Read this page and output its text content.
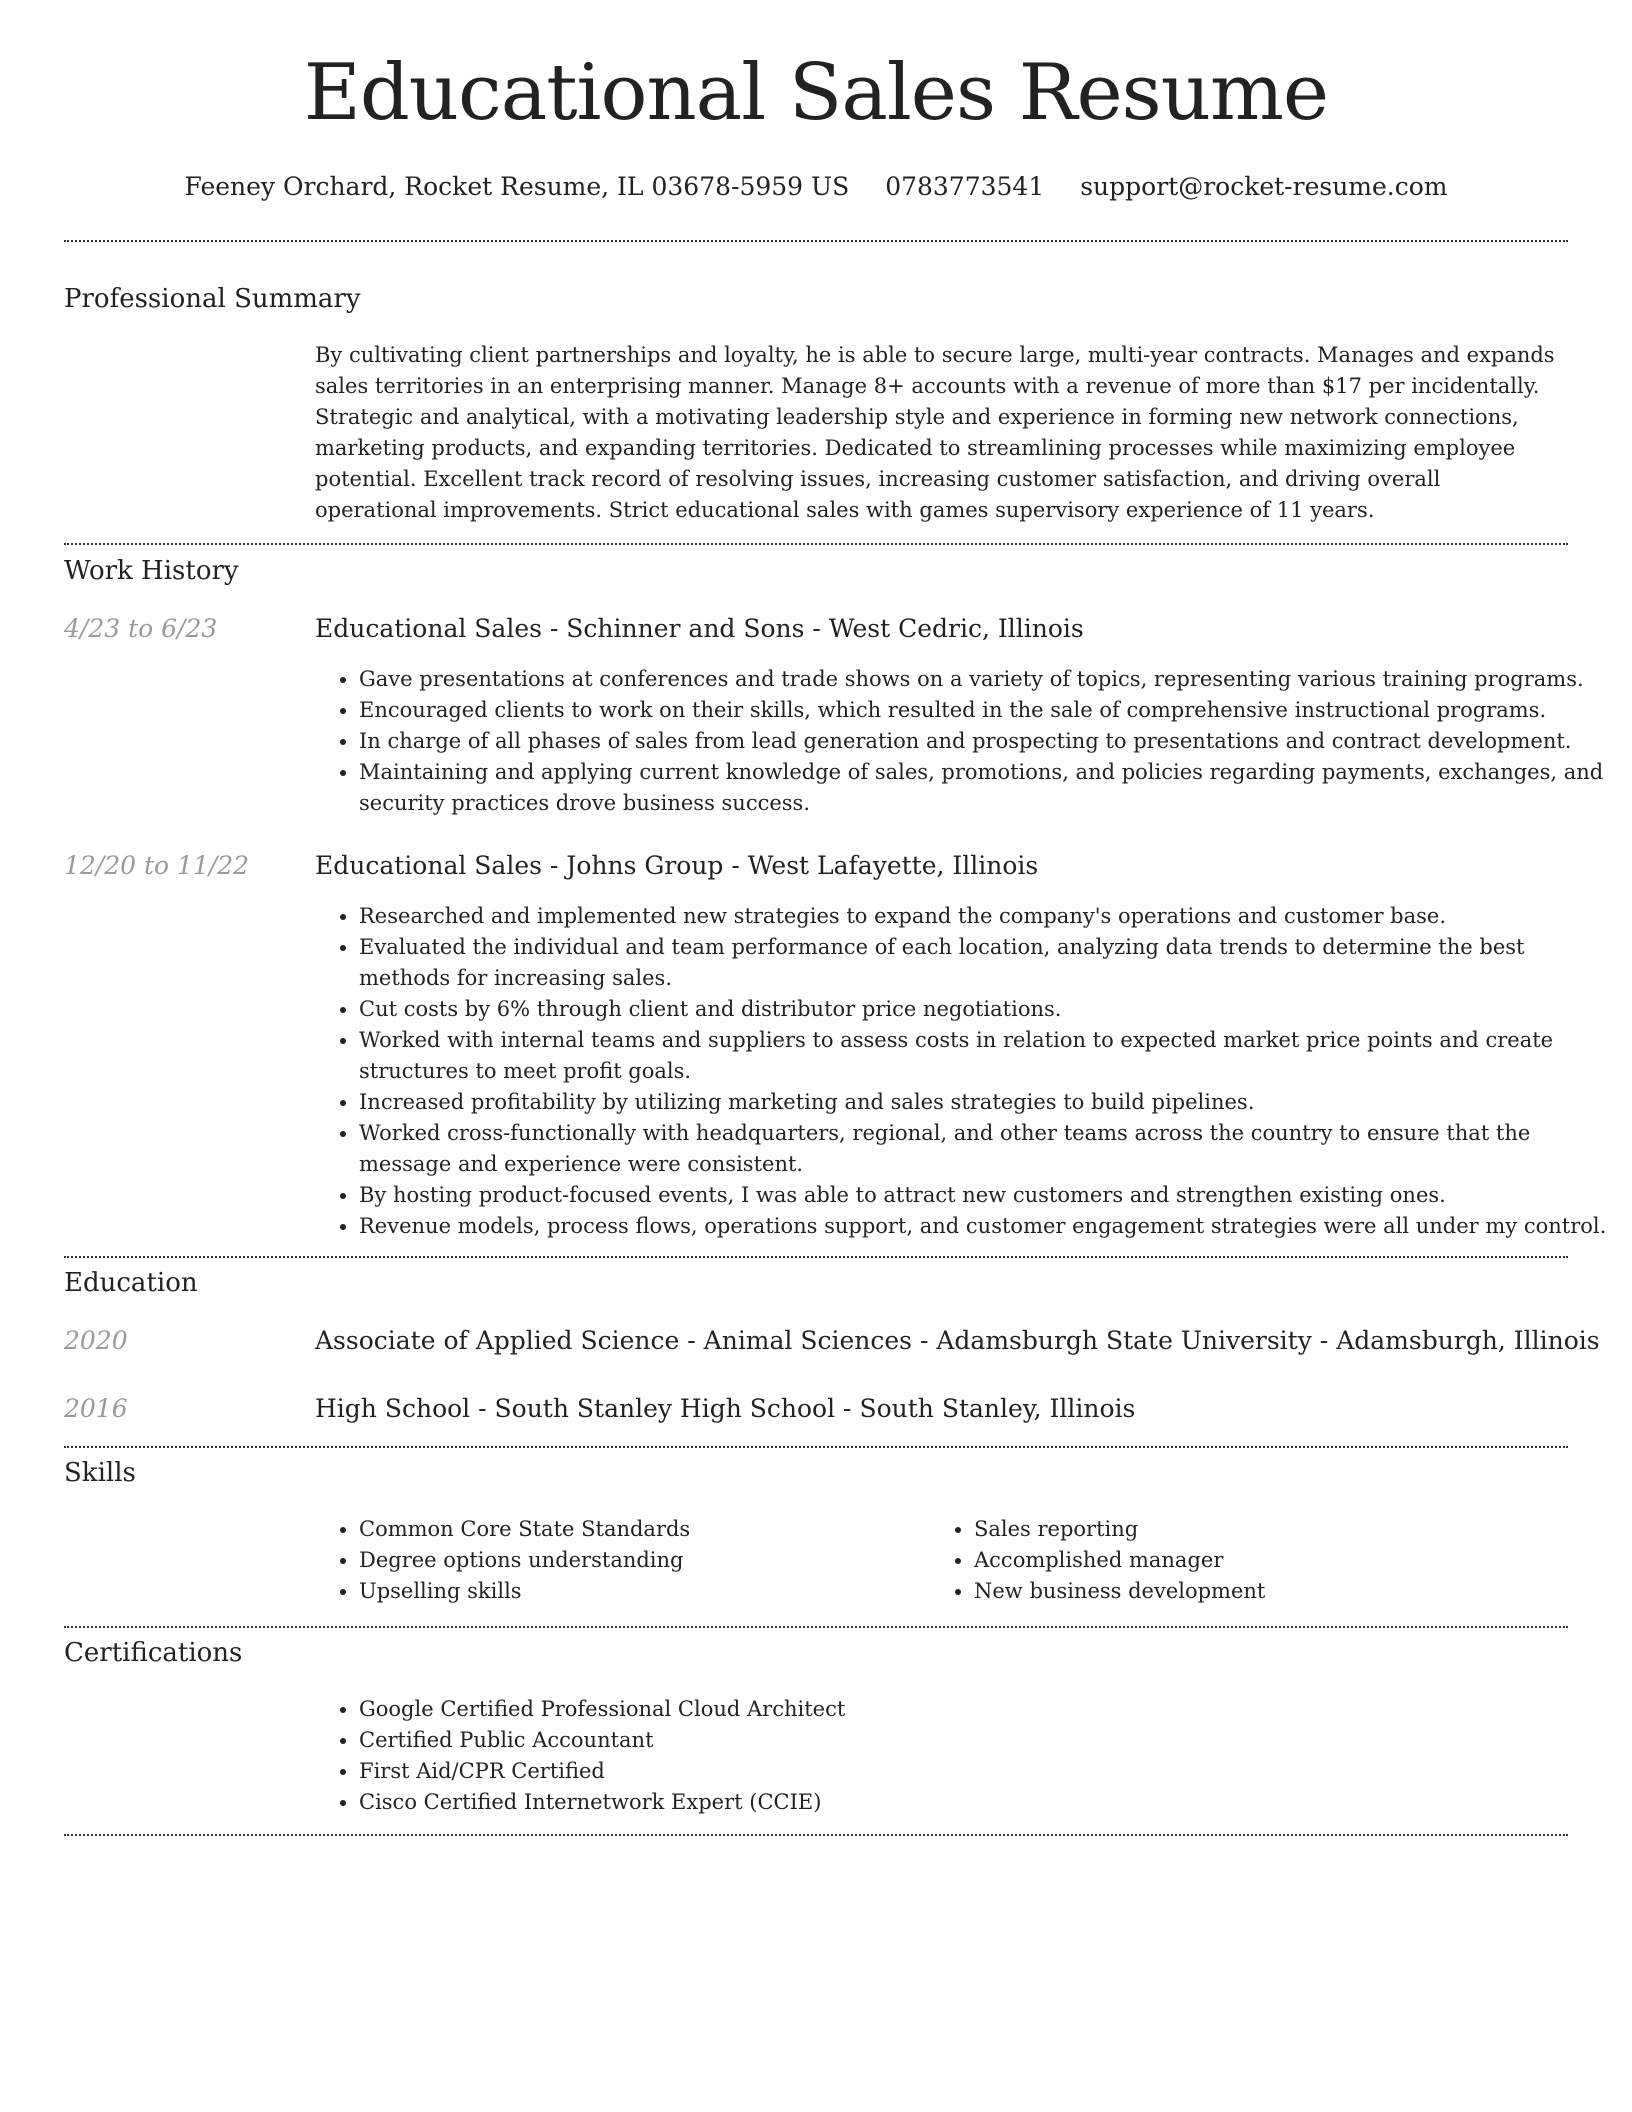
Educational Sales Resume
Feeney Orchard, Rocket Resume, IL 03678-5959 US 0783773541 support@rocket-resume.com
Professional Summary

By cultivating client partnerships and loyalty, he is able to secure large, multi-year contracts. Manages and expands sales territories in an enterprising manner. Manage 8+ accounts with a revenue of more than $17 per incidentally. Strategic and analytical, with a motivating leadership style and experience in forming new network connections, marketing products, and expanding territories. Dedicated to streamlining processes while maximizing employee potential. Excellent track record of resolving issues, increasing customer satisfaction, and driving overall operational improvements. Strict educational sales with games supervisory experience of 11 years.

Work History
4/23 to 6/23	Educational Sales - Schinner and Sons - West Cedric, Illinois
• Gave presentations at conferences and trade shows on a variety of topics, representing various training programs.
• Encouraged clients to work on their skills, which resulted in the sale of comprehensive instructional programs.
• In charge of all phases of sales from lead generation and prospecting to presentations and contract development.
• Maintaining and applying current knowledge of sales, promotions, and policies regarding payments, exchanges, and security practices drove business success.
12/20 to 11/22	Educational Sales - Johns Group - West Lafayette, Illinois
• Researched and implemented new strategies to expand the company's operations and customer base.
• Evaluated the individual and team performance of each location, analyzing data trends to determine the best methods for increasing sales.
• Cut costs by 6% through client and distributor price negotiations.
• Worked with internal teams and suppliers to assess costs in relation to expected market price points and create structures to meet profit goals.
• Increased profitability by utilizing marketing and sales strategies to build pipelines.
• Worked cross-functionally with headquarters, regional, and other teams across the country to ensure that the message and experience were consistent.
• By hosting product-focused events, I was able to attract new customers and strengthen existing ones.
• Revenue models, process flows, operations support, and customer engagement strategies were all under my control.
Education
2020	Associate of Applied Science - Animal Sciences - Adamsburgh State University - Adamsburgh, Illinois
2016	High School - South Stanley High School - South Stanley, Illinois
Skills
• Common Core State Standards
• Degree options understanding
• Upselling skills
• Sales reporting
• Accomplished manager
• New business development
Certifications
• Google Certified Professional Cloud Architect
• Certified Public Accountant
• First Aid/CPR Certified
• Cisco Certified Internetwork Expert (CCIE)
